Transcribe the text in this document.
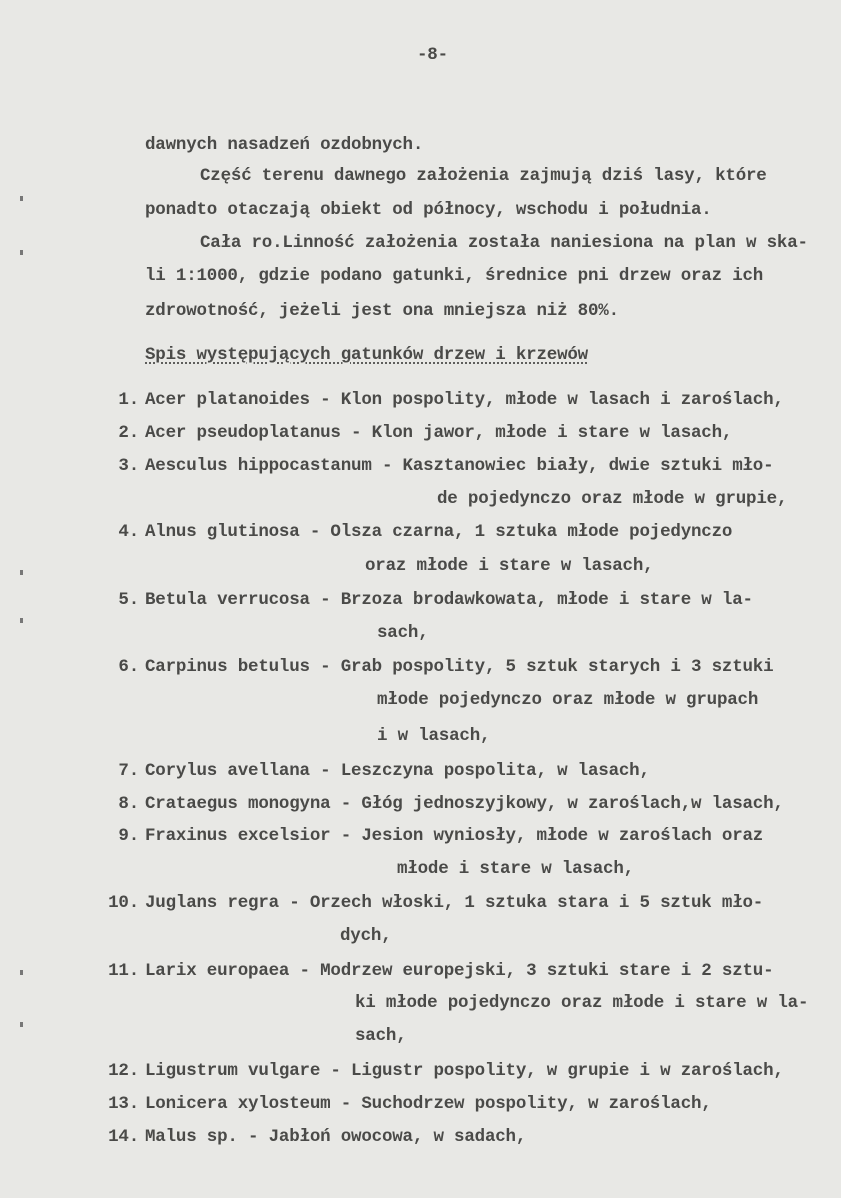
-8-
dawnych nasadzeń ozdobnych.
Część terenu dawnego założenia zajmują dziś lasy, które
ponadto otaczają obiekt od północy, wschodu i południa.
Cała ro.Linność założenia została naniesiona na plan w ska-
li 1:1000, gdzie podano gatunki, średnice pni drzew oraz ich
zdrowotność, jeżeli jest ona mniejsza niż 80%.
Spis występujących gatunków drzew i krzewów
1. Acer platanoides - Klon pospolity, młode w lasach i zaroślach,
2. Acer pseudoplatanus - Klon jawor, młode i stare w lasach,
3. Aesculus hippocastanum - Kasztanowiec biały, dwie sztuki mło-
de pojedynczo oraz młode w grupie,
4. Alnus glutinosa - Olsza czarna, 1 sztuka młode pojedynczo
oraz młode i stare w lasach,
5. Betula verrucosa - Brzoza brodawkowata, młode i stare w la-
sach,
6. Carpinus betulus - Grab pospolity, 5 sztuk starych i 3 sztuki
młode pojedynczo oraz młode w grupach
i w lasach,
7. Corylus avellana - Leszczyna pospolita, w lasach,
8. Crataegus monogyna - Głóg jednoszyjkowy, w zaroślach,w lasach,
9. Fraxinus excelsior - Jesion wyniosły, młode w zaroślach oraz
młode i stare w lasach,
10. Juglans regra - Orzech włoski, 1 sztuka stara i 5 sztuk mło-
dych,
11. Larix europaea - Modrzew europejski, 3 sztuki stare i 2 sztu-
ki młode pojedynczo oraz młode i stare w la-
sach,
12. Ligustrum vulgare - Ligustr pospolity, w grupie i w zaroślach,
13. Lonicera xylosteum - Suchodrzew pospolity, w zaroślach,
14. Malus sp. - Jabłoń owocowa, w sadach,
